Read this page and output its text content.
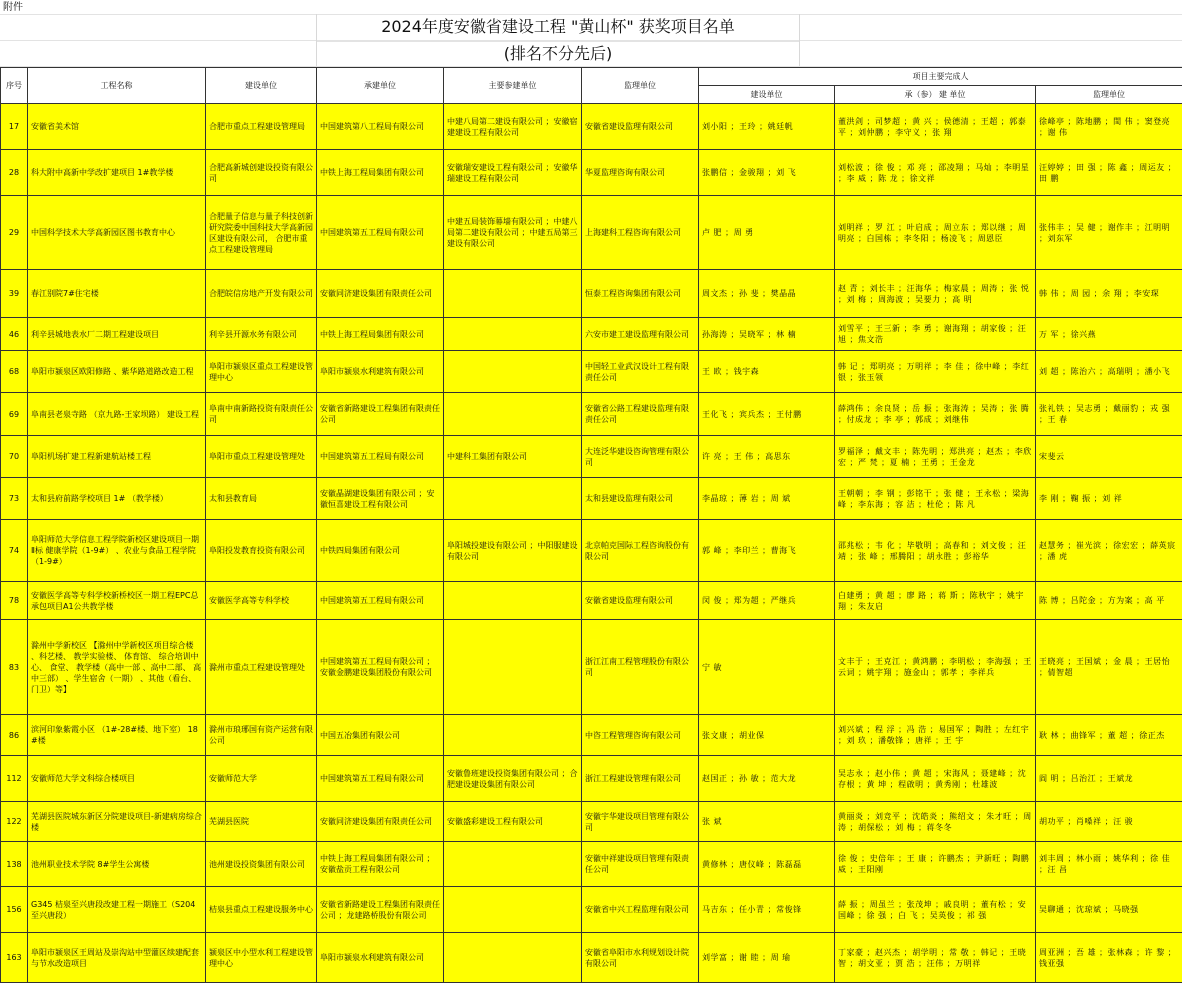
附件
2024年度安徽省建设工程 "黄山杯" 获奖项目名单
(排名不分先后)
序号	工程名称	建设单位	承建单位	主要参建单位	监理单位	项目主要完成人		
						建设单位	承（参） 建 单位	监理单位
17	安徽省美术馆	合肥市重点工程建设管理局	中国建筑第八工程局有限公司	中建八局第二建设有限公司 ；安徽宿建建设工程有限公司	安徽省建设监理有限公司	刘小阳 ；王玲 ；姚廷帆	董洪剑 ；司梦超 ；黄 兴 ；侯德清 ；王超 ；郭泰平 ；刘仲鹏 ；李守义 ；张 翔	徐峰亭 ；陈地鹏 ；閏 伟 ；窦登亮 ；谢 伟
28	科大附中高新中学改扩建项目 1#教学楼	合肥高新城创建设投资有限公司	中铁上海工程局集团有限公司	安徽瑞安建设工程有限公司 ；安徽华瑞建设工程有限公司	华夏监理咨询有限公司	张鹏信 ；金骏翔 ；刘 飞	刘松波 ；徐 俊 ；邓 亮 ；邵凌翔 ；马灿 ；李明星 ；李 威 ；陈 龙 ；徐文祥	汪婷婷 ；田 强 ；陈 鑫 ；周运友 ；田 鹏
29	中国科学技术大学高新园区图书教育中心	合肥量子信息与量子科技创新研究院委中国科技大学高新园区建设有限公司， 合肥市重点工程建设管理局	中国建筑第五工程局有限公司	中建五局装饰幕墙有限公司 ；中建八局第二建设有限公司 ；中建五局第三建设有限公司	上海建科工程咨询有限公司	卢 肥 ；周 勇	刘明祥 ；罗 江 ；叶启成 ；周立东 ；郑以继 ；周明亮 ；白国栋 ；李冬阳 ；杨凌飞 ；周恩臣	张伟丰 ；吴 健 ；谢作丰 ；江明明 ；刘东军
39	春江别院7#住宅楼	合肥皖信房地产开发有限公司	安徽同济建设集团有限责任公司		恒泰工程咨询集团有限公司	周文杰 ；孙 斐 ；樊晶晶	赵 青 ；刘长丰 ；汪海华 ；梅家晨 ；周涛 ；张 悦 ；刘 梅 ；周海波 ；吴要力 ；高 明	韩 伟 ；周 园 ；余 翔 ；李安琛
46	利辛县城地表水厂二期工程建设项目	利辛县开源水务有限公司	中铁上海工程局集团有限公司		六安市建工建设监理有限公司	孙海涛 ；吴晓军 ；林 楠	刘雪平 ；王三新 ；李 勇 ；谢海翔 ；胡家俊 ；汪 旭 ；焦文浩	万 军 ；徐兴燕
68	阜阳市颍泉区欧阳修路 、紫华路道路改造工程	阜阳市颍泉区重点工程建设管理中心	阜阳市颍泉水利建筑有限公司		中国轻工业武汉设计工程有限责任公司	王 欧 ；钱宇森	韩 记 ；郑明亮 ；万明祥 ；李 佳 ；徐中峰 ；李红银 ；张玉领	刘 超 ；陈治六 ；高瑞明 ；潘小飞
69	阜南县老泉寺路 （京九路-王家坝路） 建设工程	阜南中南新路投资有限责任公司	安徽省新路建设工程集团有限责任公司		安徽省公路工程建设监理有限责任公司	王化飞 ；宾兵杰 ；王付鹏	薛鸿伟 ；余良贤 ；岳 振 ；张海涛 ；吴涛 ；张 腾 ；付成龙 ；李 亭 ；郭成 ；刘继伟	张礼铁 ；吴志勇 ；戴丽豹 ；戎 强 ；王 春
70	阜阳机场扩建工程新建航站楼工程	阜阳市重点工程建设管理处	中国建筑第五工程局有限公司	中建科工集团有限公司	大连泛华建设咨询管理有限公司	许 亮 ；王 伟 ；高思东	罗福泽 ；戴文丰 ；陈先明 ；郑洪亮 ；赵杰 ；李欣宏 ；严 梵 ；夏 楠 ；王勇 ；王金龙	宋斐云
73	太和县府前路学校项目 1# （教学楼）	太和县教育局	安徽晶湖建设集团有限公司 ；安徽恒喜建设工程有限公司		太和县建设监理有限公司	李晶琼 ；薄 岩 ；周 斌	王朝朝 ；李 钢 ；彭铭干 ；张 健 ；王永松 ；梁海峰 ；李东海 ；容 洁 ；杜伦 ；陈 凡	李 刚 ；鞠 振 ；刘 祥
74	阜阳师范大学信息工程学院新校区建设项目一期 Ⅱ标 健康学院（1-9#） 、农业与食品工程学院（1-9#）	阜阳投发教育投资有限公司	中铁四局集团有限公司	阜阳城投建设有限公司 ；中阳服建设有限公司	北京帕克国际工程咨询股份有限公司	郭 峰 ；李印兰 ；曹海飞	邵兆松 ；韦 化 ；毕敬明 ；高春和 ；刘文俊 ；汪 靖 ；张 峰 ；邢腾阳 ；胡永胜 ；彭裕华	赵慧务 ；崔光滨 ；徐宏宏 ；薛英宸 ；潘 虎
78	安徽医学高等专科学校新桥校区一期工程EPC总承包项目A1公共教学楼	安徽医学高等专科学校	中国建筑第五工程局有限公司		安徽省建设监理有限公司	闵 俊 ；郑为超 ；严继兵	白建勇 ；黄 超 ；廖 路 ；蒋 斯 ；陈秋宇 ；姚宇翔 ；朱友启	陈 博 ；吕陀金 ；方为案 ；高 平
83	滁州中学新校区 【滁州中学新校区项目综合楼 、科艺楼、 教学实验楼、 体育馆、 综合培训中心、 食堂、 教学楼（高中一部 、高中二部、 高中三部） 、学生宿舍（一期） 、其他（看台、 门卫）等】	滁州市重点工程建设管理处	中国建筑第五工程局有限公司 ；安徽金鹏建设集团股份有限公司		浙江江南工程管理股份有限公司	宁 敏	文丰于 ；王克江 ；黄鸿鹏 ；李明松 ；李海强 ；王云词 ；姚宇翔 ；施金山 ；郭孝 ；李祥兵	王晓亮 ；王国斌 ；金 晨 ；王居怡 ；倩智超
86	滨河印象紫霞小区 （1#-28#楼、地下室） 18#楼	滁州市琅琊国有资产运营有限公司	中国五冶集团有限公司		中咨工程管理咨询有限公司	张文康 ；胡业保	刘兴斌 ；程 浮 ；冯 浩 ；易国军 ；陶胜 ；左红宇 ；刘 玖 ；潘敬锋 ；唐祥 ；王 宇	耿 林 ；曲锋军 ；董 超 ；徐正杰
112	安徽师范大学文科综合楼项目	安徽师范大学	中国建筑第五工程局有限公司	安徽鲁班建设投资集团有限公司 ；合肥建设建设集团有限公司	浙江工程建设管理有限公司	赵国正 ；孙 敏 ；范大龙	吴志永 ；赵小伟 ；黄 超 ；宋海风 ；聂建峰 ；沈存根 ；黄 坤 ；程啟明 ；黄秀刚 ；杜雄波	阎 明 ；吕治江 ；王斌龙
122	芜湖县医院城东新区分院建设项目-新建病房综合楼	芜湖县医院	安徽同济建设集团有限责任公司	安徽盛彩建设工程有限公司	安徽宇华建设项目管理有限公司	张 斌	黄丽炎 ；刘竞平 ；沈皓炎 ；熊绍文 ；朱才旺 ；周 涛 ；胡保松 ；刘 梅 ；蒋冬冬	胡功平 ；肖嗓祥 ；汪 骏
138	池州职业技术学院 8#学生公寓楼	池州建设投资集团有限公司	中铁上海工程局集团有限公司 ；安徽盐贡工程有限公司		安徽中祥建设项目管理有限责任公司	黄修林 ；唐仪峰 ；陈磊磊	徐 俊 ；史倍年 ；王 康 ；许鹏杰 ；尹新旺 ；陶鹏威 ；王阳刚	刘丰周 ；林小雨 ；姚华利 ；徐 佳 ；汪 昌
156	G345 桔泉至兴唐段改建工程一期施工（S204 至兴唐段）	桔泉县重点工程建设服务中心	安徽省新路建设工程集团有限责任公司 ；龙建路桥股份有限公司		安徽省中兴工程监理有限公司	马吉东 ；任小青 ；常俊锋	薛 振 ；周虽兰 ；张茂坤 ；戚良明 ；董有松 ；安国峰 ；徐 强 ；白 飞 ；吴英俊 ；祁 强	吴聊通 ；沈琼斌 ；马晓强
163	阜阳市颍泉区王周站及崇沟站中型灌区续建配套与节水改造项目	颍泉区中小型水利工程建设管理中心	阜阳市颍泉水利建筑有限公司		安徽省阜阳市水利规划设计院有限公司	刘学富 ；谢 睦 ；周 瑜	丁家豪 ；赵兴杰 ；胡学明 ；常 敬 ；韩记 ；王晓智 ；胡文亚 ；贾 浩 ；汪伟 ；万明祥	周亚洲 ；吾 雄 ；张林森 ；许 黎 ；钱亚强
